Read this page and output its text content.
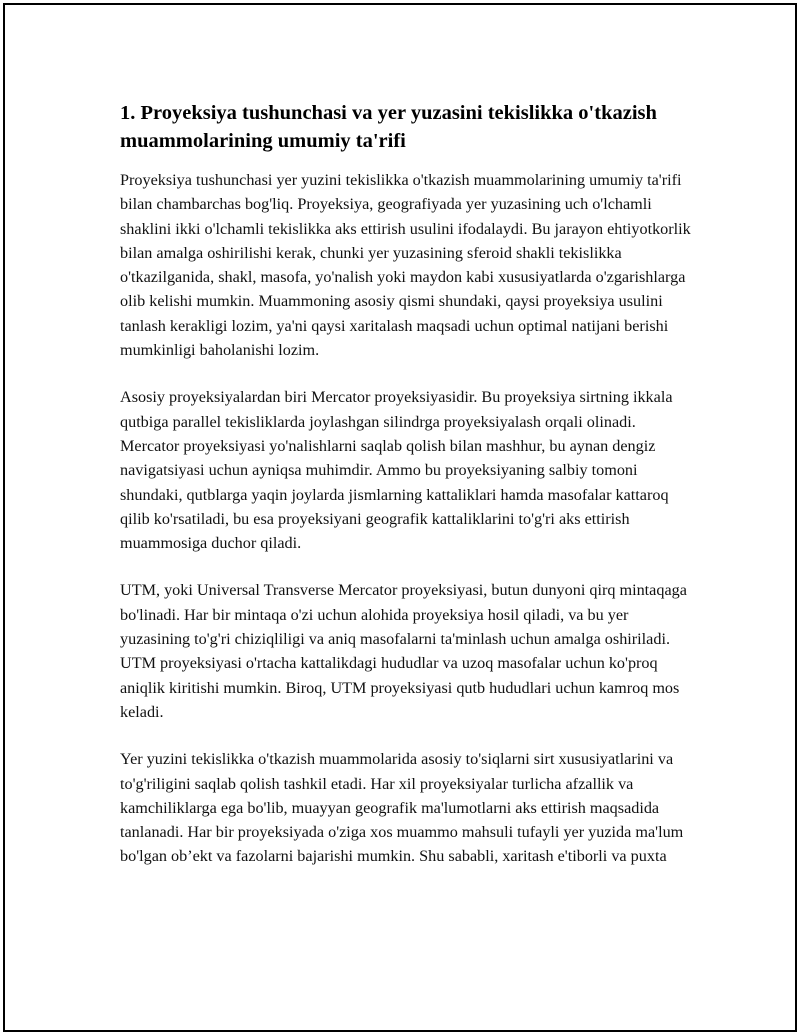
1. Proyeksiya tushunchasi va yer yuzasini tekislikka o'tkazish muammolarining umumiy ta'rifi

Proyeksiya tushunchasi yer yuzini tekislikka o'tkazish muammolarining umumiy ta'rifi bilan chambarchas bog'liq. Proyeksiya, geografiyada yer yuzasining uch o'lchamli shaklini ikki o'lchamli tekislikka aks ettirish usulini ifodalaydi. Bu jarayon ehtiyotkorlik bilan amalga oshirilishi kerak, chunki yer yuzasining sferoid shakli tekislikka o'tkazilganida, shakl, masofa, yo'nalish yoki maydon kabi xususiyatlarda o'zgarishlarga olib kelishi mumkin. Muammoning asosiy qismi shundaki, qaysi proyeksiya usulini tanlash kerakligi lozim, ya'ni qaysi xaritalash maqsadi uchun optimal natijani berishi mumkinligi baholanishi lozim.

Asosiy proyeksiyalardan biri Mercator proyeksiyasidir. Bu proyeksiya sirtning ikkala qutbiga parallel tekisliklarda joylashgan silindrga proyeksiyalash orqali olinadi. Mercator proyeksiyasi yo'nalishlarni saqlab qolish bilan mashhur, bu aynan dengiz navigatsiyasi uchun ayniqsa muhimdir. Ammo bu proyeksiyaning salbiy tomoni shundaki, qutblarga yaqin joylarda jismlarning kattaliklari hamda masofalar kattaroq qilib ko'rsatiladi, bu esa proyeksiyani geografik kattaliklarini to'g'ri aks ettirish muammosiga duchor qiladi.

UTM, yoki Universal Transverse Mercator proyeksiyasi, butun dunyoni qirq mintaqaga bo'linadi. Har bir mintaqa o'zi uchun alohida proyeksiya hosil qiladi, va bu yer yuzasining to'g'ri chiziqliligi va aniq masofalarni ta'minlash uchun amalga oshiriladi. UTM proyeksiyasi o'rtacha kattalikdagi hududlar va uzoq masofalar uchun ko'proq aniqlik kiritishi mumkin. Biroq, UTM proyeksiyasi qutb hududlari uchun kamroq mos keladi.

Yer yuzini tekislikka o'tkazish muammolarida asosiy to'siqlarni sirt xususiyatlarini va to'g'riligini saqlab qolish tashkil etadi. Har xil proyeksiyalar turlicha afzallik va kamchiliklarga ega bo'lib, muayyan geografik ma'lumotlarni aks ettirish maqsadida tanlanadi. Har bir proyeksiyada o'ziga xos muammo mahsuli tufayli yer yuzida ma'lum bo'lgan ob’ekt va fazolarni bajarishi mumkin. Shu sababli, xaritash e'tiborli va puxta
